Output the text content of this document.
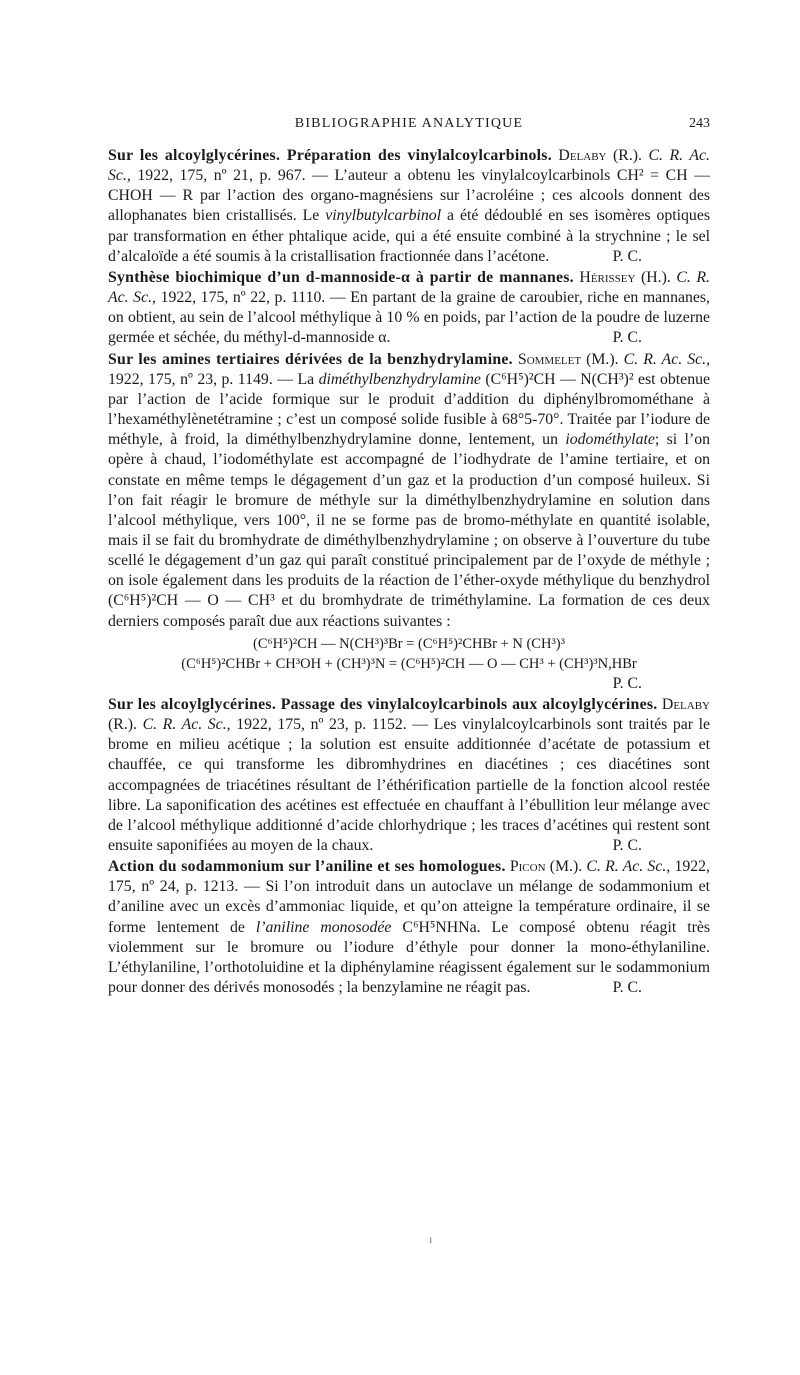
BIBLIOGRAPHIE ANALYTIQUE	243

Sur les alcoylglycérines. Préparation des vinylalcoylcarbinols. Delaby (R.). C. R. Ac. Sc., 1922, 175, nº 21, p. 967. — L’auteur a obtenu les vinylalcoylcarbinols CH² = CH — CHOH — R par l’action des organo-magnésiens sur l’acroléine ; ces alcools donnent des allophanates bien cristallisés. Le vinylbutylcarbinol a été dédoublé en ses isomères optiques par transformation en éther phtalique acide, qui a été ensuite combiné à la strychnine ; le sel d’alcaloïde a été soumis à la cristallisation fractionnée dans l’acétone.	P. C.

Synthèse biochimique d’un d-mannoside-α à partir de mannanes. Hérissey (H.). C. R. Ac. Sc., 1922, 175, nº 22, p. 1110. — En partant de la graine de caroubier, riche en mannanes, on obtient, au sein de l’alcool méthylique à 10 % en poids, par l’action de la poudre de luzerne germée et séchée, du méthyl-d-mannoside α.	P. C.

Sur les amines tertiaires dérivées de la benzhydrylamine. Sommelet (M.). C. R. Ac. Sc., 1922, 175, nº 23, p. 1149. — La diméthylbenzhydrylamine (C⁶H⁵)²CH — N(CH³)² est obtenue par l’action de l’acide formique sur le produit d’addition du diphénylbromométhane à l’hexaméthylènetétramine ; c’est un composé solide fusible à 68°5-70°. Traitée par l’iodure de méthyle, à froid, la diméthylbenzhydrylamine donne, lentement, un iodométhylate; si l’on opère à chaud, l’iodométhylate est accompagné de l’iodhydrate de l’amine tertiaire, et on constate en même temps le dégagement d’un gaz et la production d’un composé huileux. Si l’on fait réagir le bromure de méthyle sur la diméthylbenzhydrylamine en solution dans l’alcool méthylique, vers 100°, il ne se forme pas de bromo-méthylate en quantité isolable, mais il se fait du bromhydrate de diméthylbenzhydrylamine ; on observe à l’ouverture du tube scellé le dégagement d’un gaz qui paraît constitué principalement par de l’oxyde de méthyle ; on isole également dans les produits de la réaction de l’éther-oxyde méthylique du benzhydrol (C⁶H⁵)²CH — O — CH³ et du bromhydrate de triméthylamine. La formation de ces deux derniers composés paraît due aux réactions suivantes :

(C⁶H⁵)²CH — N(CH³)³Br = (C⁶H⁵)²CHBr + N (CH³)³
(C⁶H⁵)²CHBr + CH³OH + (CH³)³N = (C⁶H⁵)²CH — O — CH³ + (CH³)³N,HBr
P. C.

Sur les alcoylglycérines. Passage des vinylalcoylcarbinols aux alcoylglycérines. Delaby (R.). C. R. Ac. Sc., 1922, 175, nº 23, p. 1152. — Les vinylalcoylcarbinols sont traités par le brome en milieu acétique ; la solution est ensuite additionnée d’acétate de potassium et chauffée, ce qui transforme les dibromhydrines en diacétines ; ces diacétines sont accompagnées de triacétines résultant de l’éthérification partielle de la fonction alcool restée libre. La saponification des acétines est effectuée en chauffant à l’ébullition leur mélange avec de l’alcool méthylique additionné d’acide chlorhydrique ; les traces d’acétines qui restent sont ensuite saponifiées au moyen de la chaux.	P. C.

Action du sodammonium sur l’aniline et ses homologues. Picon (M.). C. R. Ac. Sc., 1922, 175, nº 24, p. 1213. — Si l’on introduit dans un autoclave un mélange de sodammonium et d’aniline avec un excès d’ammoniac liquide, et qu’on atteigne la température ordinaire, il se forme lentement de l’aniline monosodée C⁶H⁵NHNa. Le composé obtenu réagit très violemment sur le bromure ou l’iodure d’éthyle pour donner la mono-éthylaniline. L’éthylaniline, l’orthotoluidine et la diphénylamine réagissent également sur le sodammonium pour donner des dérivés monosodés ; la benzylamine ne réagit pas.	P. C.

ı
